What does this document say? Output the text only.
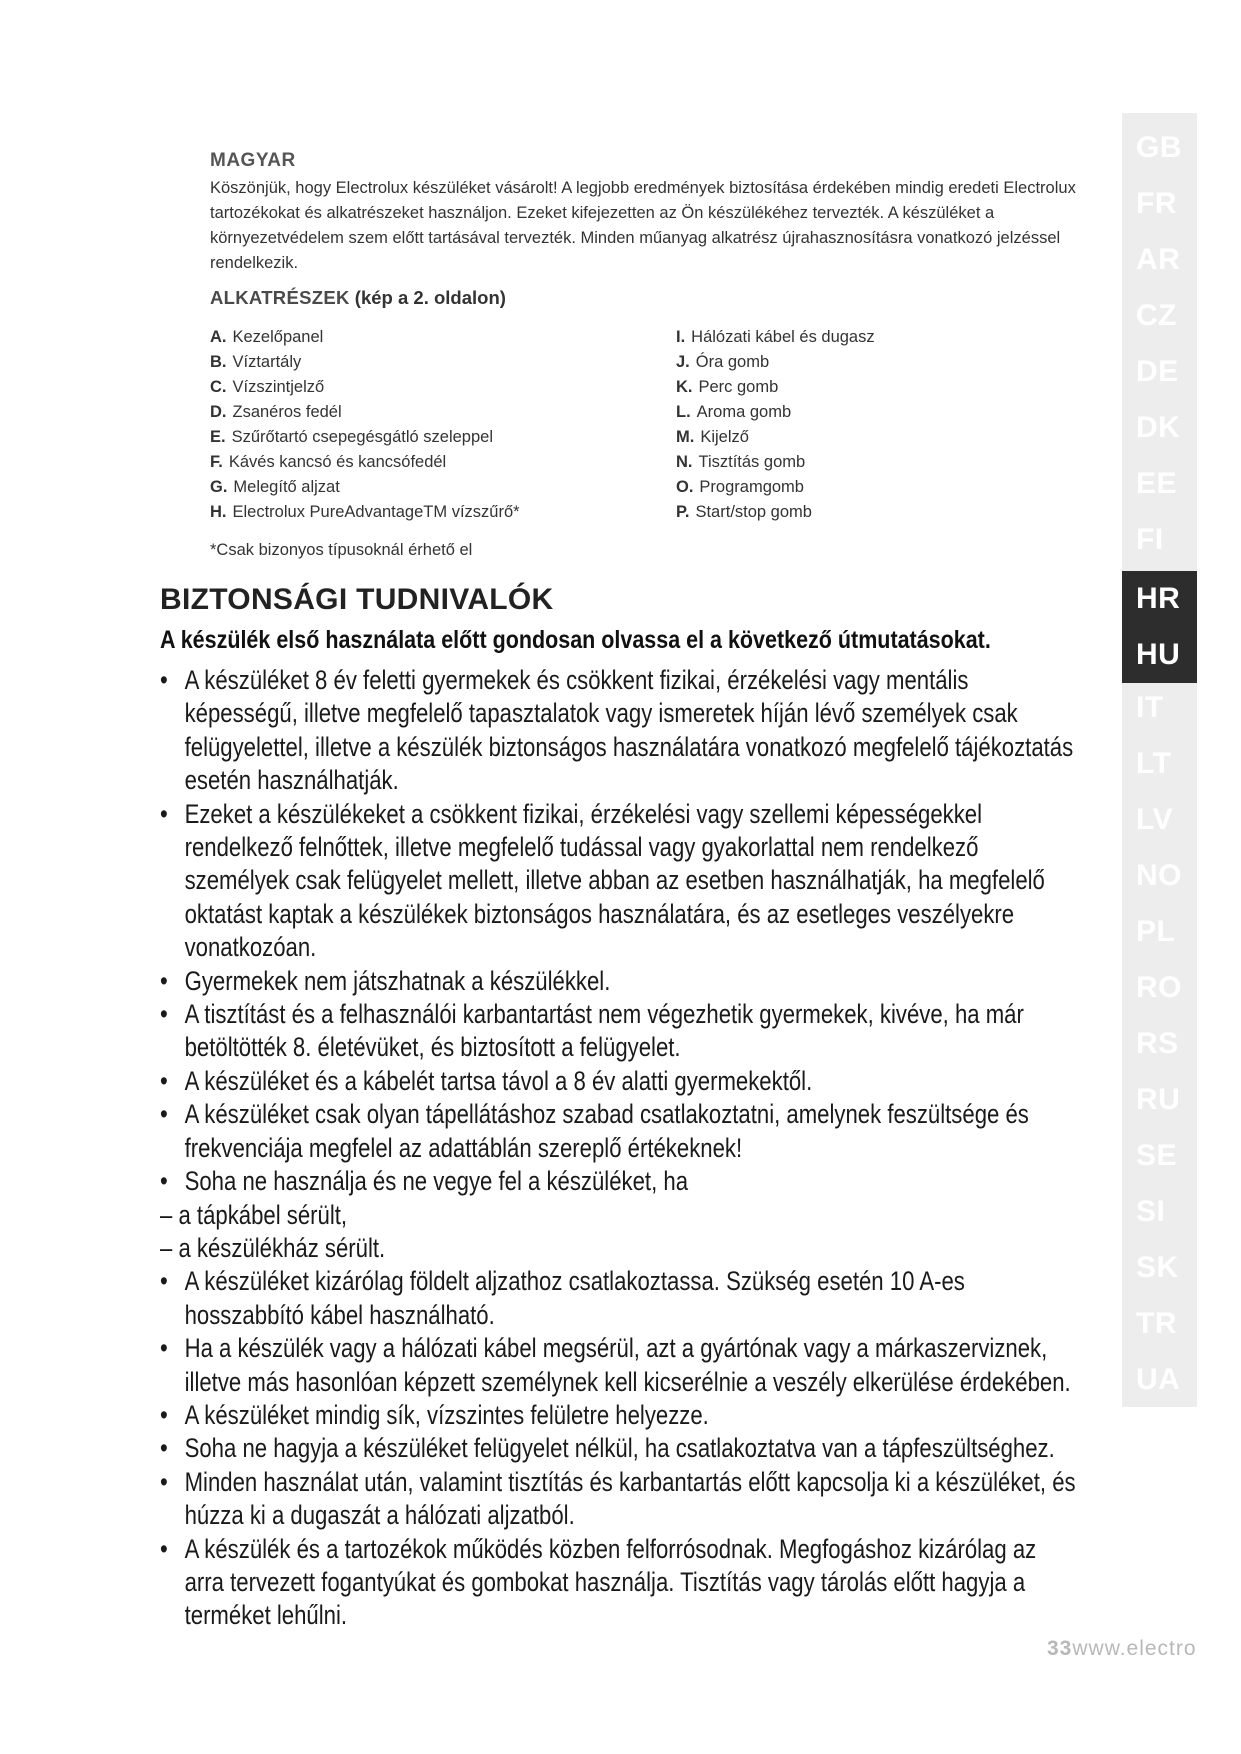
MAGYAR
Köszönjük, hogy Electrolux készüléket vásárolt! A legjobb eredmények biztosítása érdekében mindig eredeti Electrolux tartozékokat és alkatrészeket használjon. Ezeket kifejezetten az Ön készülékéhez tervezték. A készüléket a környezetvédelem szem előtt tartásával tervezték. Minden műanyag alkatrész újrahasznosításra vonatkozó jelzéssel rendelkezik.
ALKATRÉSZEK (kép a 2. oldalon)
A. Kezelőpanel
B. Víztartály
C. Vízszintjelző
D. Zsanéros fedél
E. Szűrőtartó csepegésgátló szeleppel
F. Kávés kancsó és kancsófedél
G. Melegítő aljzat
H. Electrolux PureAdvantageTM vízszűrő*
I. Hálózati kábel és dugasz
J. Óra gomb
K. Perc gomb
L. Aroma gomb
M. Kijelző
N. Tisztítás gomb
O. Programgomb
P. Start/stop gomb
*Csak bizonyos típusoknál érhető el
BIZTONSÁGI TUDNIVALÓK
A készülék első használata előtt gondosan olvassa el a következő útmutatásokat.
• A készüléket 8 év feletti gyermekek és csökkent fizikai, érzékelési vagy mentális képességű, illetve megfelelő tapasztalatok vagy ismeretek híján lévő személyek csak felügyelettel, illetve a készülék biztonságos használatára vonatkozó megfelelő tájékoztatás esetén használhatják.
• Ezeket a készülékeket a csökkent fizikai, érzékelési vagy szellemi képességekkel rendelkező felnőttek, illetve megfelelő tudással vagy gyakorlattal nem rendelkező személyek csak felügyelet mellett, illetve abban az esetben használhatják, ha megfelelő oktatást kaptak a készülékek biztonságos használatára, és az esetleges veszélyekre vonatkozóan.
• Gyermekek nem játszhatnak a készülékkel.
• A tisztítást és a felhasználói karbantartást nem végezhetik gyermekek, kivéve, ha már betöltötték 8. életévüket, és biztosított a felügyelet.
• A készüléket és a kábelét tartsa távol a 8 év alatti gyermekektől.
• A készüléket csak olyan tápellátáshoz szabad csatlakoztatni, amelynek feszültsége és frekvenciája megfelel az adattáblán szereplő értékeknek!
• Soha ne használja és ne vegye fel a készüléket, ha
– a tápkábel sérült,
– a készülékház sérült.
• A készüléket kizárólag földelt aljzathoz csatlakoztassa. Szükség esetén 10 A-es hosszabbító kábel használható.
• Ha a készülék vagy a hálózati kábel megsérül, azt a gyártónak vagy a márkaszerviznek, illetve más hasonlóan képzett személynek kell kicserélnie a veszély elkerülése érdekében.
• A készüléket mindig sík, vízszintes felületre helyezze.
• Soha ne hagyja a készüléket felügyelet nélkül, ha csatlakoztatva van a tápfeszültséghez.
• Minden használat után, valamint tisztítás és karbantartás előtt kapcsolja ki a készüléket, és húzza ki a dugaszát a hálózati aljzatból.
• A készülék és a tartozékok működés közben felforrósodnak. Megfogáshoz kizárólag az arra tervezett fogantyúkat és gombokat használja. Tisztítás vagy tárolás előtt hagyja a terméket lehűlni.
GB
FR
AR
CZ
DE
DK
EE
FI
HR
HU
IT
LT
LV
NO
PL
RO
RS
RU
SE
SI
SK
TR
UA
33www.electro
